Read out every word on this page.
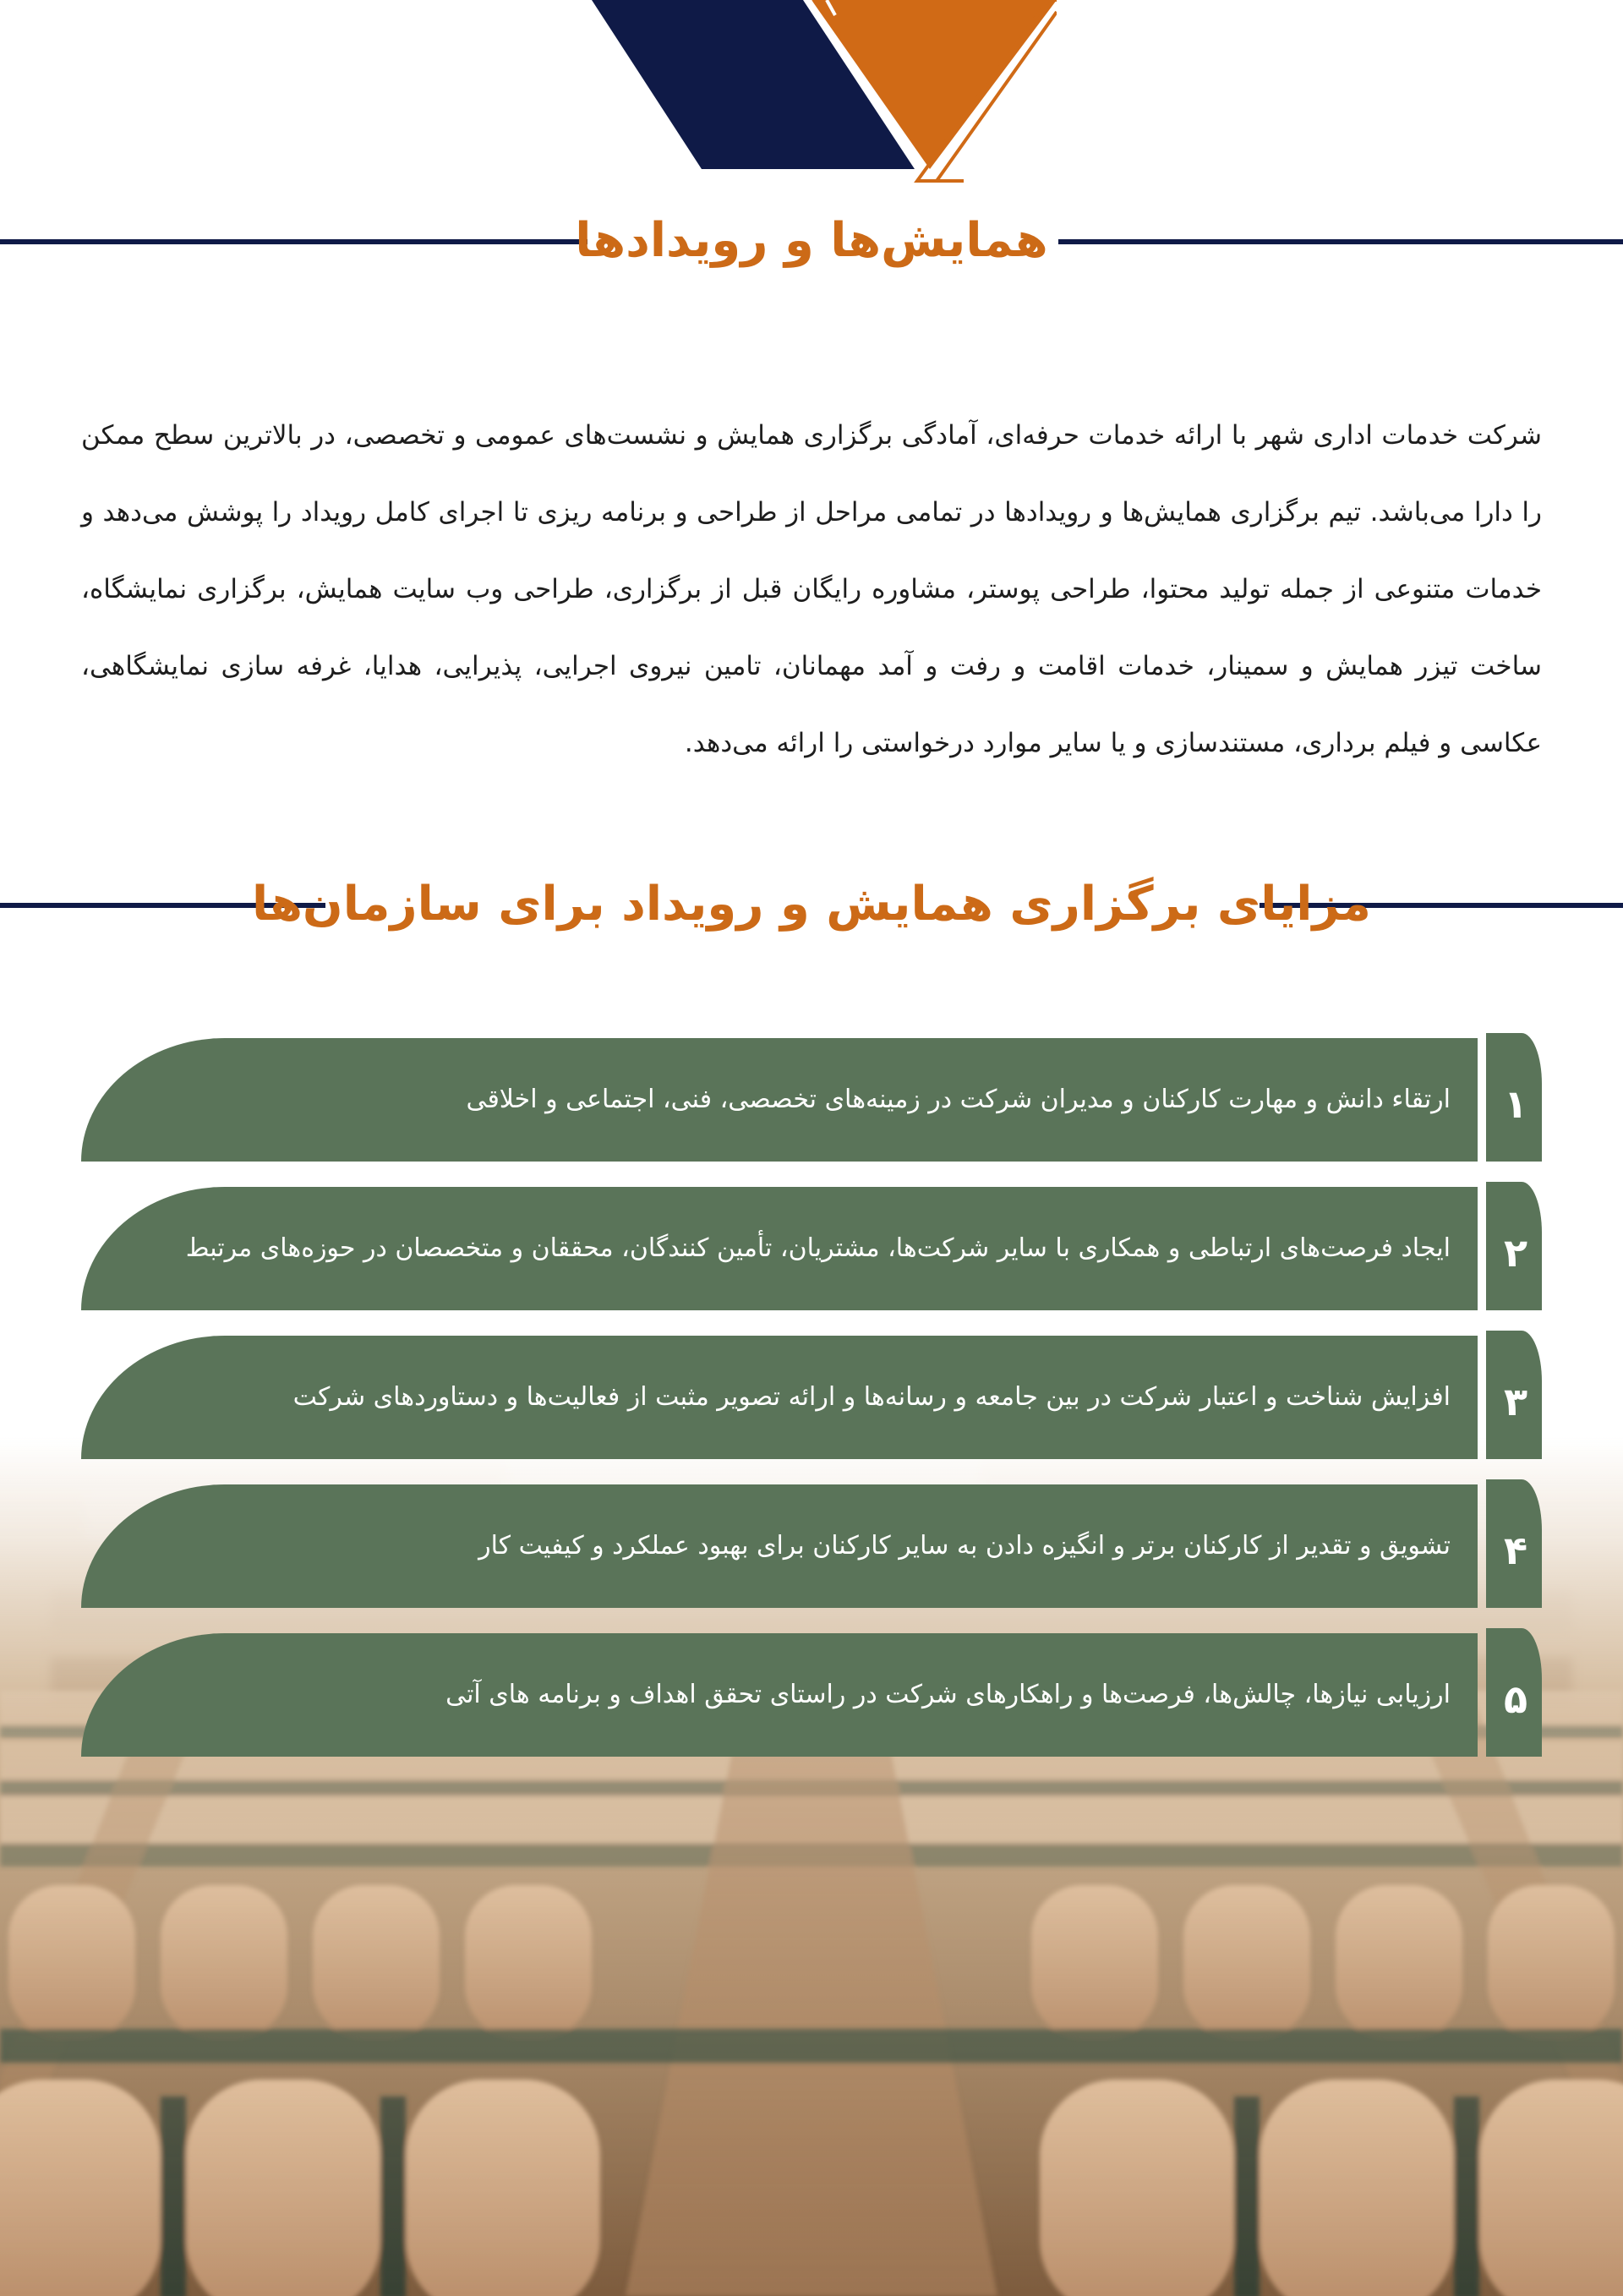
همایش‌ها و رویدادها
شرکت خدمات اداری شهر با ارائه خدمات حرفه‌ای، آمادگی برگزاری همایش و نشست‌های عمومی و تخصصی، در بالاترین سطح ممکن را دارا می‌باشد. تیم برگزاری همایش‌ها و رویدادها در تمامی مراحل از طراحی و برنامه ریزی تا اجرای کامل رویداد را پوشش می‌دهد و خدمات متنوعی از جمله تولید محتوا، طراحی پوستر، مشاوره رایگان قبل از برگزاری، طراحی وب سایت همایش، برگزاری نمایشگاه، ساخت تیزر همایش و سمینار، خدمات اقامت و رفت و آمد مهمانان، تامین نیروی اجرایی، پذیرایی، هدایا، غرفه سازی نمایشگاهی، عکاسی و فیلم برداری، مستندسازی و یا سایر موارد درخواستی را ارائه می‌دهد.
مزایای برگزاری همایش و رویداد برای سازمان‌ها
۱
ارتقاء دانش و مهارت کارکنان و مدیران شرکت در زمینه‌های تخصصی، فنی، اجتماعی و اخلاقی
۲
ایجاد فرصت‌های ارتباطی و همکاری با سایر شرکت‌ها، مشتریان، تأمین کنندگان، محققان و متخصصان در حوزه‌های مرتبط
۳
افزایش شناخت و اعتبار شرکت در بین جامعه و رسانه‌ها و ارائه تصویر مثبت از فعالیت‌ها و دستاوردهای شرکت
۴
تشویق و تقدیر از کارکنان برتر و انگیزه دادن به سایر کارکنان برای بهبود عملکرد و کیفیت کار
۵
ارزیابی نیازها، چالش‌ها، فرصت‌ها و راهکارهای شرکت در راستای تحقق اهداف و برنامه های آتی
